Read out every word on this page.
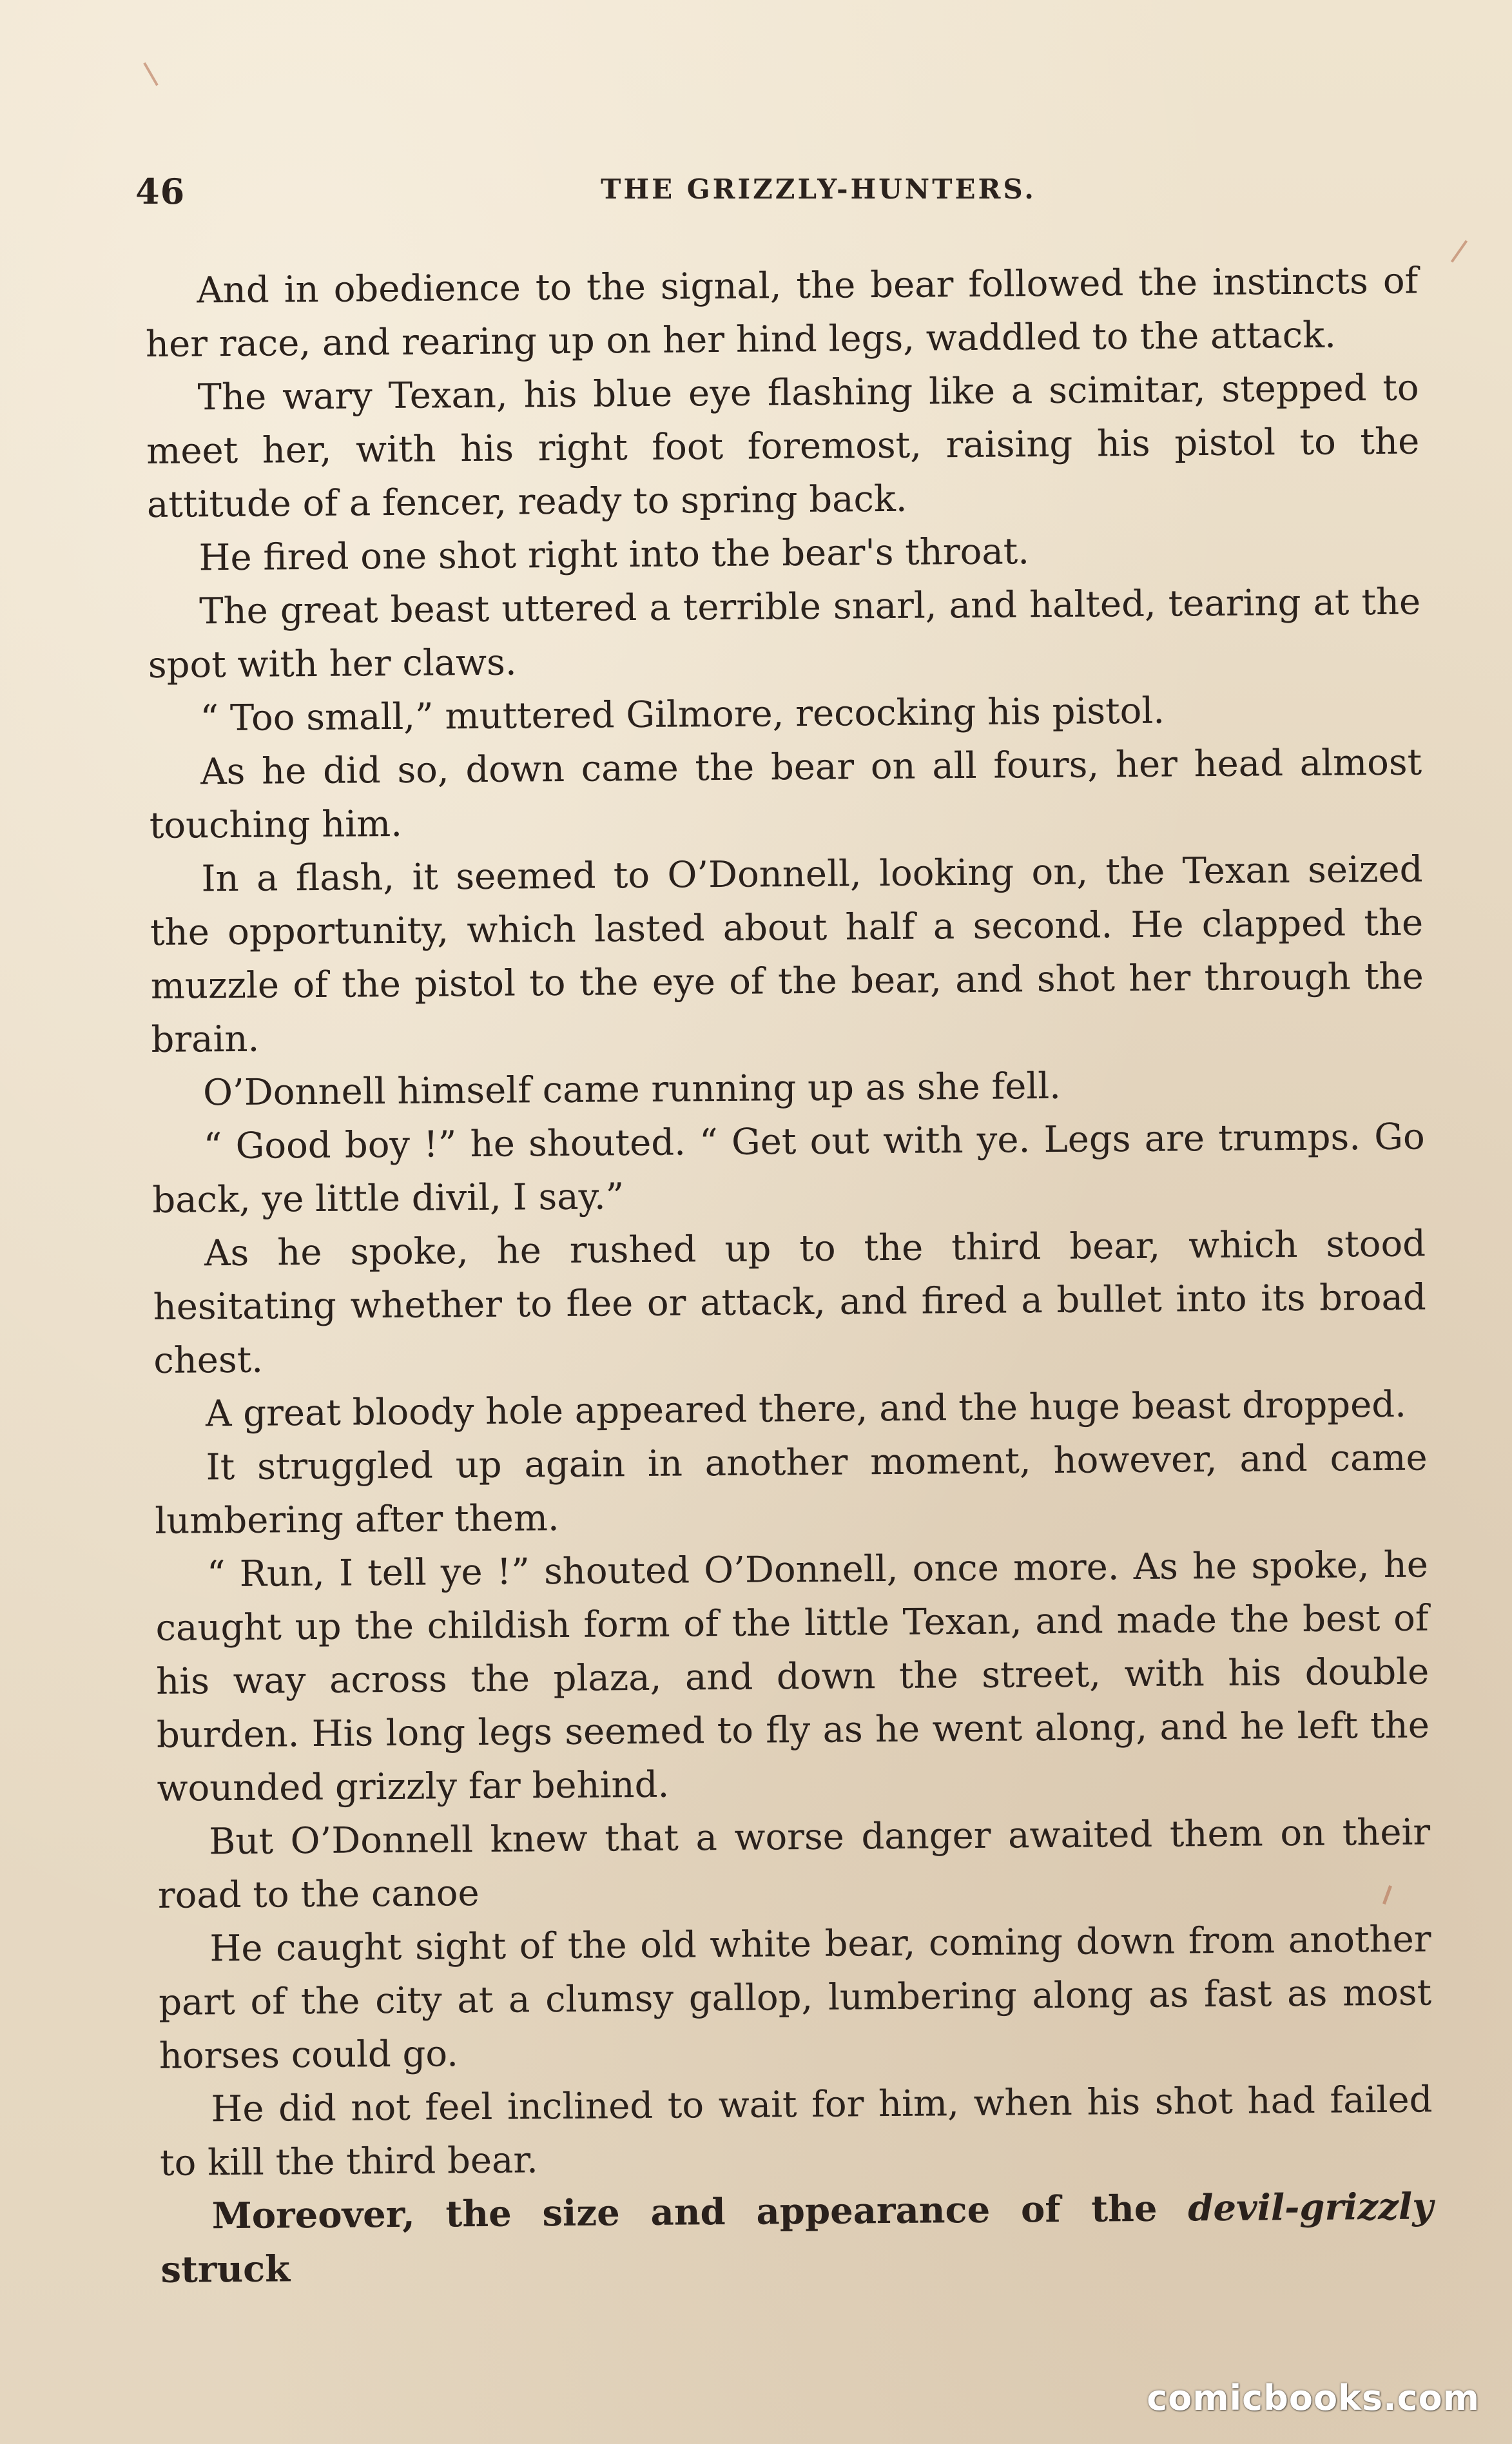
46	THE GRIZZLY-HUNTERS.

And in obedience to the signal, the bear followed the instincts of her race, and rearing up on her hind legs, waddled to the attack.

The wary Texan, his blue eye flashing like a scimitar, stepped to meet her, with his right foot foremost, raising his pistol to the attitude of a fencer, ready to spring back.

He fired one shot right into the bear's throat.

The great beast uttered a terrible snarl, and halted, tearing at the spot with her claws.

“ Too small,” muttered Gilmore, recocking his pistol.

As he did so, down came the bear on all fours, her head almost touching him.

In a flash, it seemed to O’Donnell, looking on, the Texan seized the opportunity, which lasted about half a second. He clapped the muzzle of the pistol to the eye of the bear, and shot her through the brain.

O’Donnell himself came running up as she fell.

“ Good boy !” he shouted. “ Get out with ye. Legs are trumps. Go back, ye little divil, I say.”

As he spoke, he rushed up to the third bear, which stood hesitating whether to flee or attack, and fired a bullet into its broad chest.

A great bloody hole appeared there, and the huge beast dropped.

It struggled up again in another moment, however, and came lumbering after them.

“ Run, I tell ye !” shouted O’Donnell, once more. As he spoke, he caught up the childish form of the little Texan, and made the best of his way across the plaza, and down the street, with his double burden. His long legs seemed to fly as he went along, and he left the wounded grizzly far behind.

But O’Donnell knew that a worse danger awaited them on their road to the canoe

He caught sight of the old white bear, coming down from another part of the city at a clumsy gallop, lumbering along as fast as most horses could go.

He did not feel inclined to wait for him, when his shot had failed to kill the third bear.

Moreover, the size and appearance of the devil-grizzly struck

comicbooks.com
